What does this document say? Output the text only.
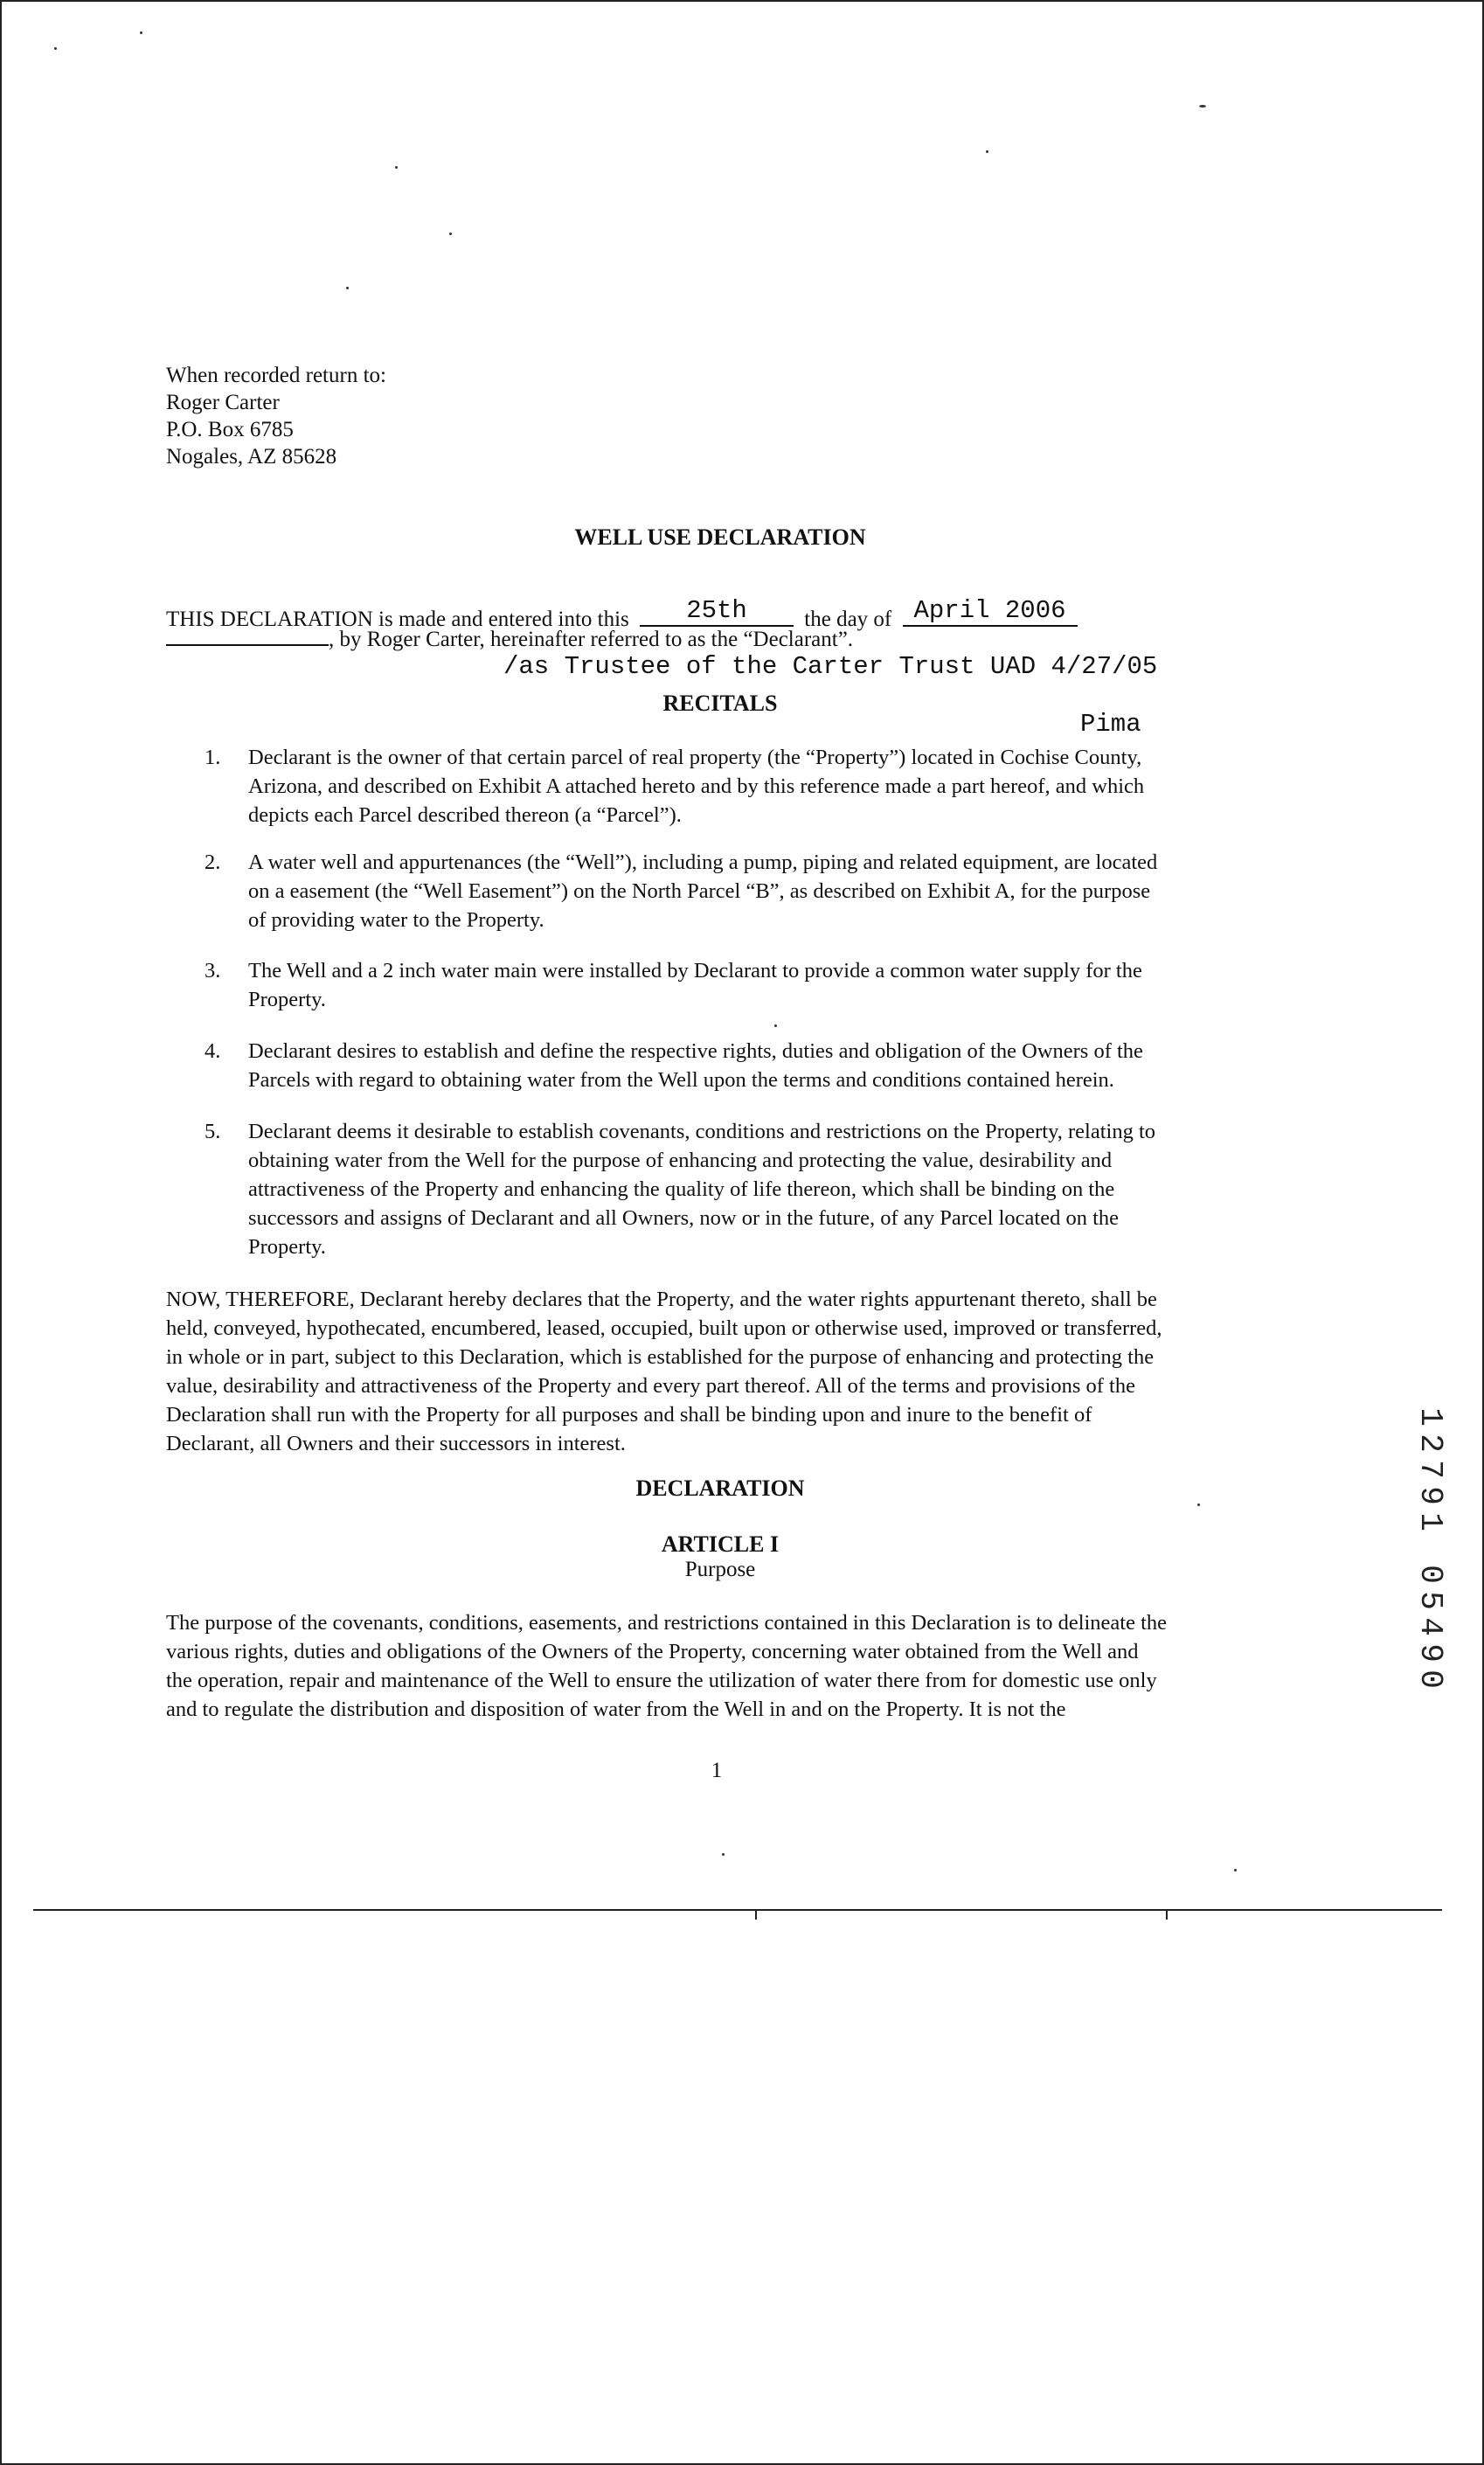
When recorded return to:
Roger Carter
P.O. Box 6785
Nogales, AZ 85628
WELL USE DECLARATION
THIS DECLARATION is made and entered into this 25th	the day of April 2006
, by Roger Carter, hereinafter referred to as the “Declarant”.
/as Trustee of the Carter Trust UAD 4/27/05
RECITALS
Pima
1.	Declarant is the owner of that certain parcel of real property (the “Property”) located in Cochise County,
Arizona, and described on Exhibit A attached hereto and by this reference made a part hereof, and which
depicts each Parcel described thereon (a “Parcel”).
2.	A water well and appurtenances (the “Well”), including a pump, piping and related equipment, are located
on a easement (the “Well Easement”) on the North Parcel “B”, as described on Exhibit A, for the purpose
of providing water to the Property.
3.	The Well and a 2 inch water main were installed by Declarant to provide a common water supply for the
Property.
4.	Declarant desires to establish and define the respective rights, duties and obligation of the Owners of the
Parcels with regard to obtaining water from the Well upon the terms and conditions contained herein.
5.	Declarant deems it desirable to establish covenants, conditions and restrictions on the Property, relating to
obtaining water from the Well for the purpose of enhancing and protecting the value, desirability and
attractiveness of the Property and enhancing the quality of life thereon, which shall be binding on the
successors and assigns of Declarant and all Owners, now or in the future, of any Parcel located on the
Property.
NOW, THEREFORE, Declarant hereby declares that the Property, and the water rights appurtenant thereto, shall be
held, conveyed, hypothecated, encumbered, leased, occupied, built upon or otherwise used, improved or transferred,
in whole or in part, subject to this Declaration, which is established for the purpose of enhancing and protecting the
value, desirability and attractiveness of the Property and every part thereof. All of the terms and provisions of the
Declaration shall run with the Property for all purposes and shall be binding upon and inure to the benefit of
Declarant, all Owners and their successors in interest.
DECLARATION
ARTICLE I
Purpose
The purpose of the covenants, conditions, easements, and restrictions contained in this Declaration is to delineate the
various rights, duties and obligations of the Owners of the Property, concerning water obtained from the Well and
the operation, repair and maintenance of the Well to ensure the utilization of water there from for domestic use only
and to regulate the distribution and disposition of water from the Well in and on the Property. It is not the
1
1
2
7
9
1

0
5
4
9
0
